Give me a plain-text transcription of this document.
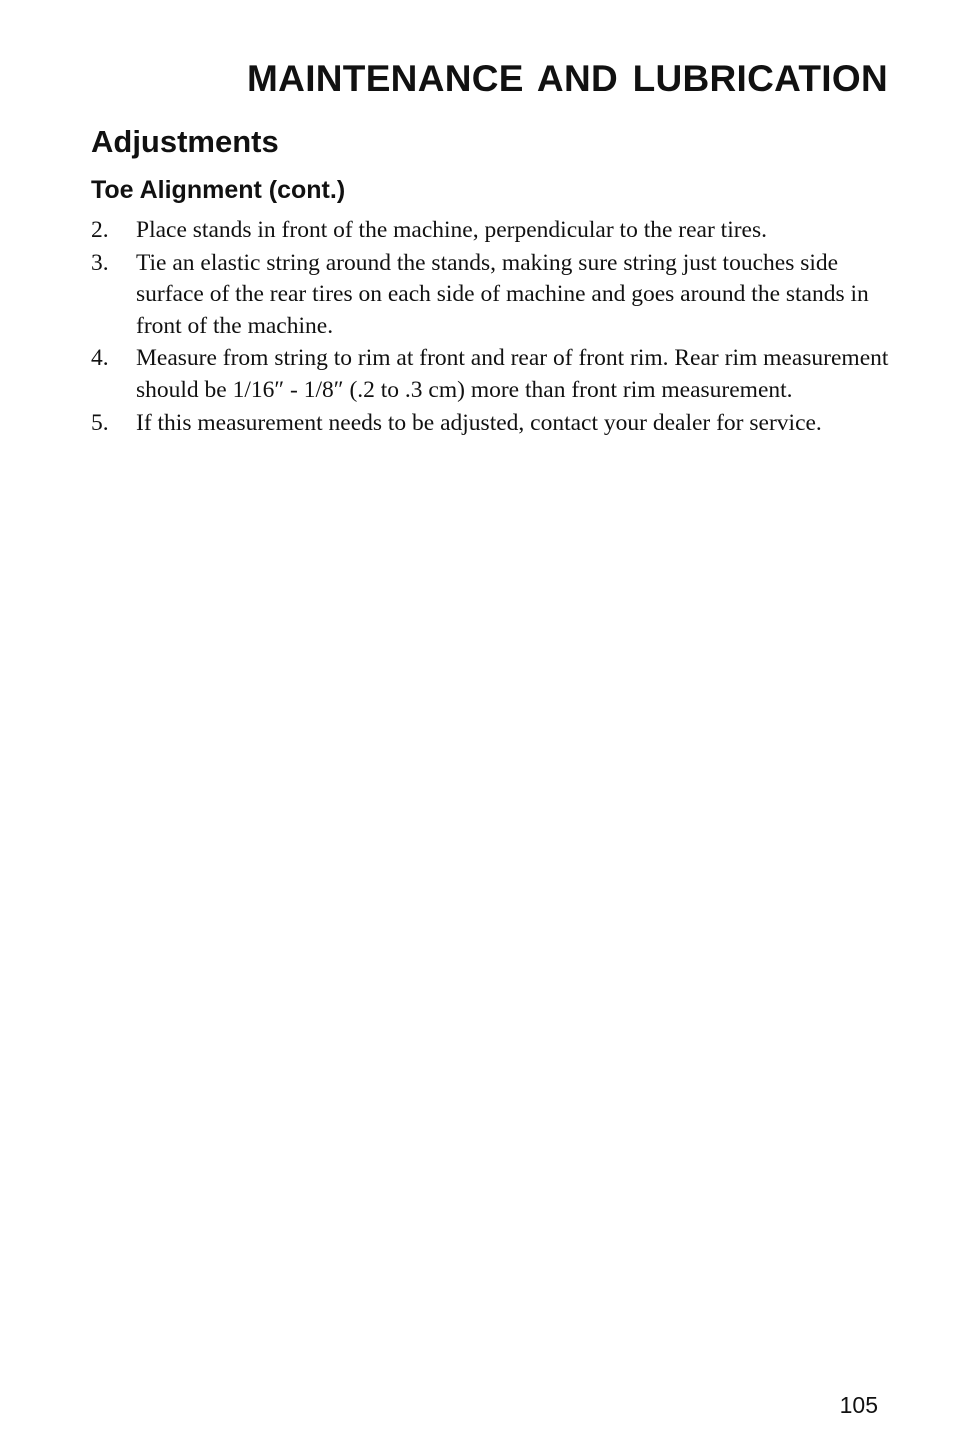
MAINTENANCE AND LUBRICATION
Adjustments
Toe Alignment (cont.)
2. Place stands in front of the machine, perpendicular to the rear tires.
3. Tie an elastic string around the stands, making sure string just touches side surface of the rear tires on each side of machine and goes around the stands in front of the machine.
4. Measure from string to rim at front and rear of front rim. Rear rim measurement should be 1/16″ - 1/8″ (.2 to .3 cm) more than front rim measurement.
5. If this measurement needs to be adjusted, contact your dealer for service.
105
